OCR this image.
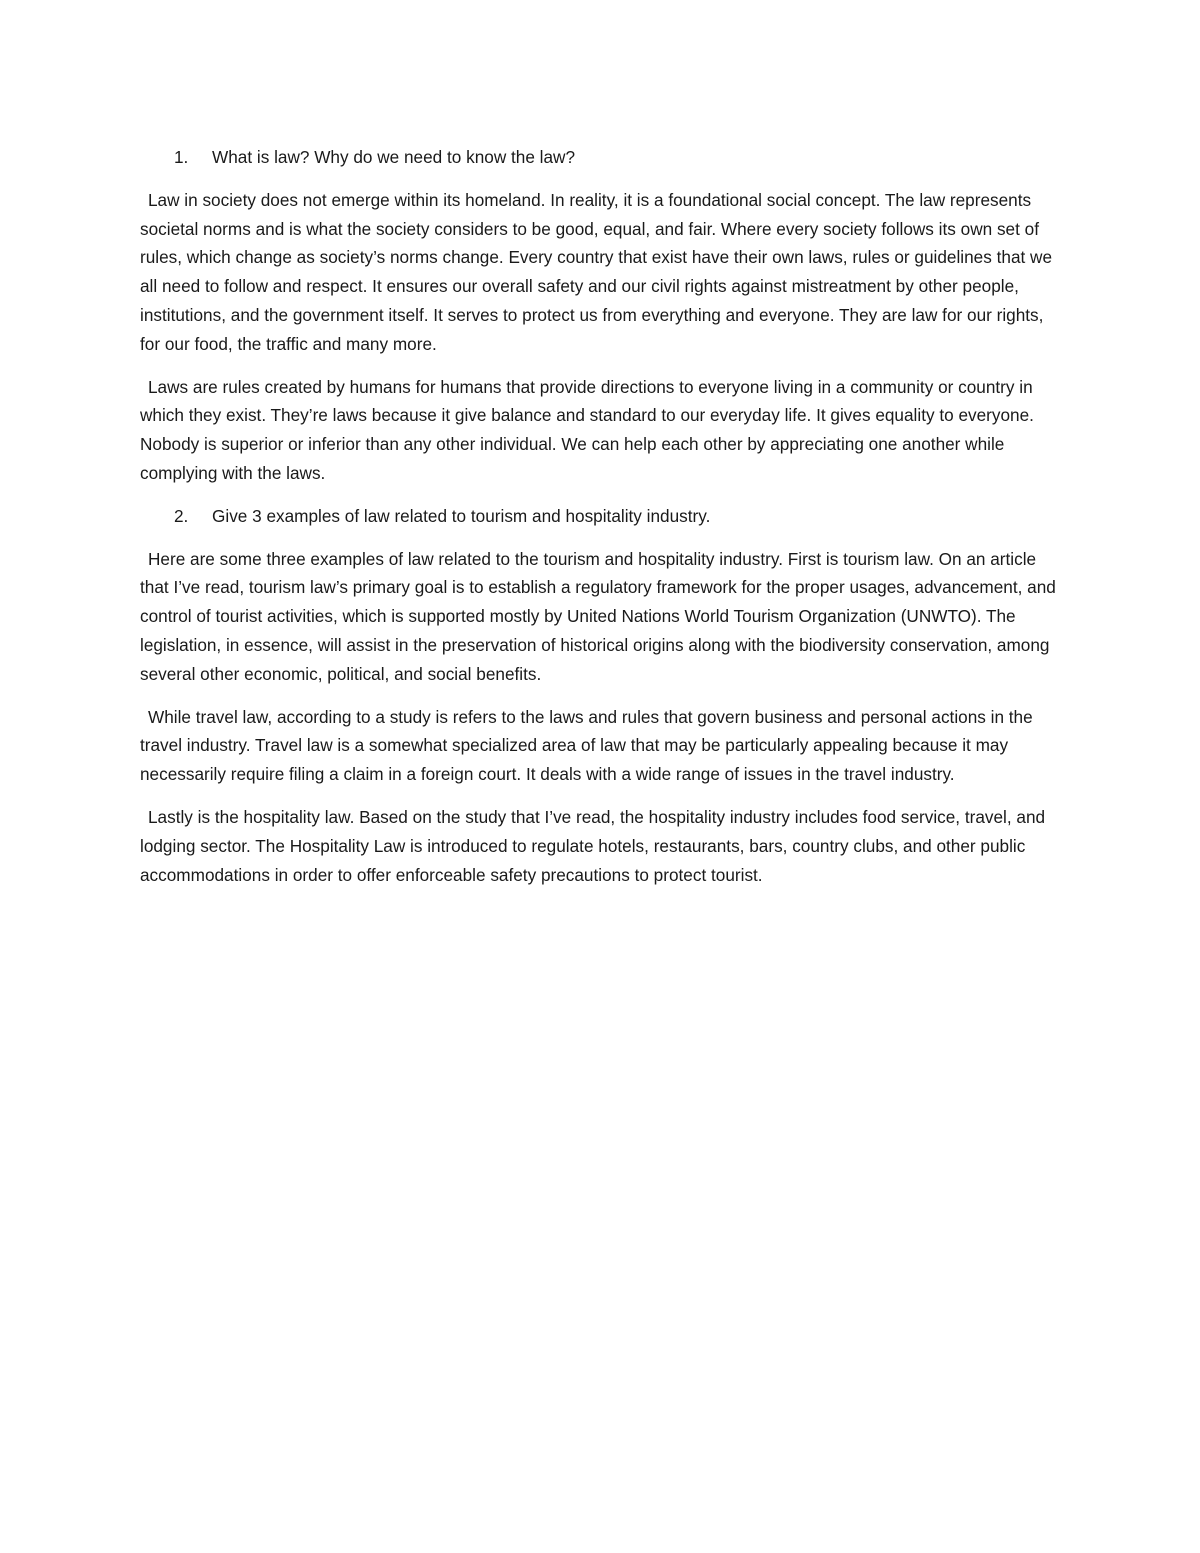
1. What is law? Why do we need to know the law?

Law in society does not emerge within its homeland. In reality, it is a foundational social concept. The law represents societal norms and is what the society considers to be good, equal, and fair. Where every society follows its own set of rules, which change as society’s norms change. Every country that exist have their own laws, rules or guidelines that we all need to follow and respect. It ensures our overall safety and our civil rights against mistreatment by other people, institutions, and the government itself. It serves to protect us from everything and everyone. They are law for our rights, for our food, the traffic and many more.

Laws are rules created by humans for humans that provide directions to everyone living in a community or country in which they exist. They’re laws because it give balance and standard to our everyday life. It gives equality to everyone. Nobody is superior or inferior than any other individual. We can help each other by appreciating one another while complying with the laws.

2. Give 3 examples of law related to tourism and hospitality industry.

Here are some three examples of law related to the tourism and hospitality industry. First is tourism law. On an article that I’ve read, tourism law’s primary goal is to establish a regulatory framework for the proper usages, advancement, and control of tourist activities, which is supported mostly by United Nations World Tourism Organization (UNWTO). The legislation, in essence, will assist in the preservation of historical origins along with the biodiversity conservation, among several other economic, political, and social benefits.

While travel law, according to a study is refers to the laws and rules that govern business and personal actions in the travel industry. Travel law is a somewhat specialized area of law that may be particularly appealing because it may necessarily require filing a claim in a foreign court. It deals with a wide range of issues in the travel industry.

Lastly is the hospitality law. Based on the study that I’ve read, the hospitality industry includes food service, travel, and lodging sector. The Hospitality Law is introduced to regulate hotels, restaurants, bars, country clubs, and other public accommodations in order to offer enforceable safety precautions to protect tourist.
